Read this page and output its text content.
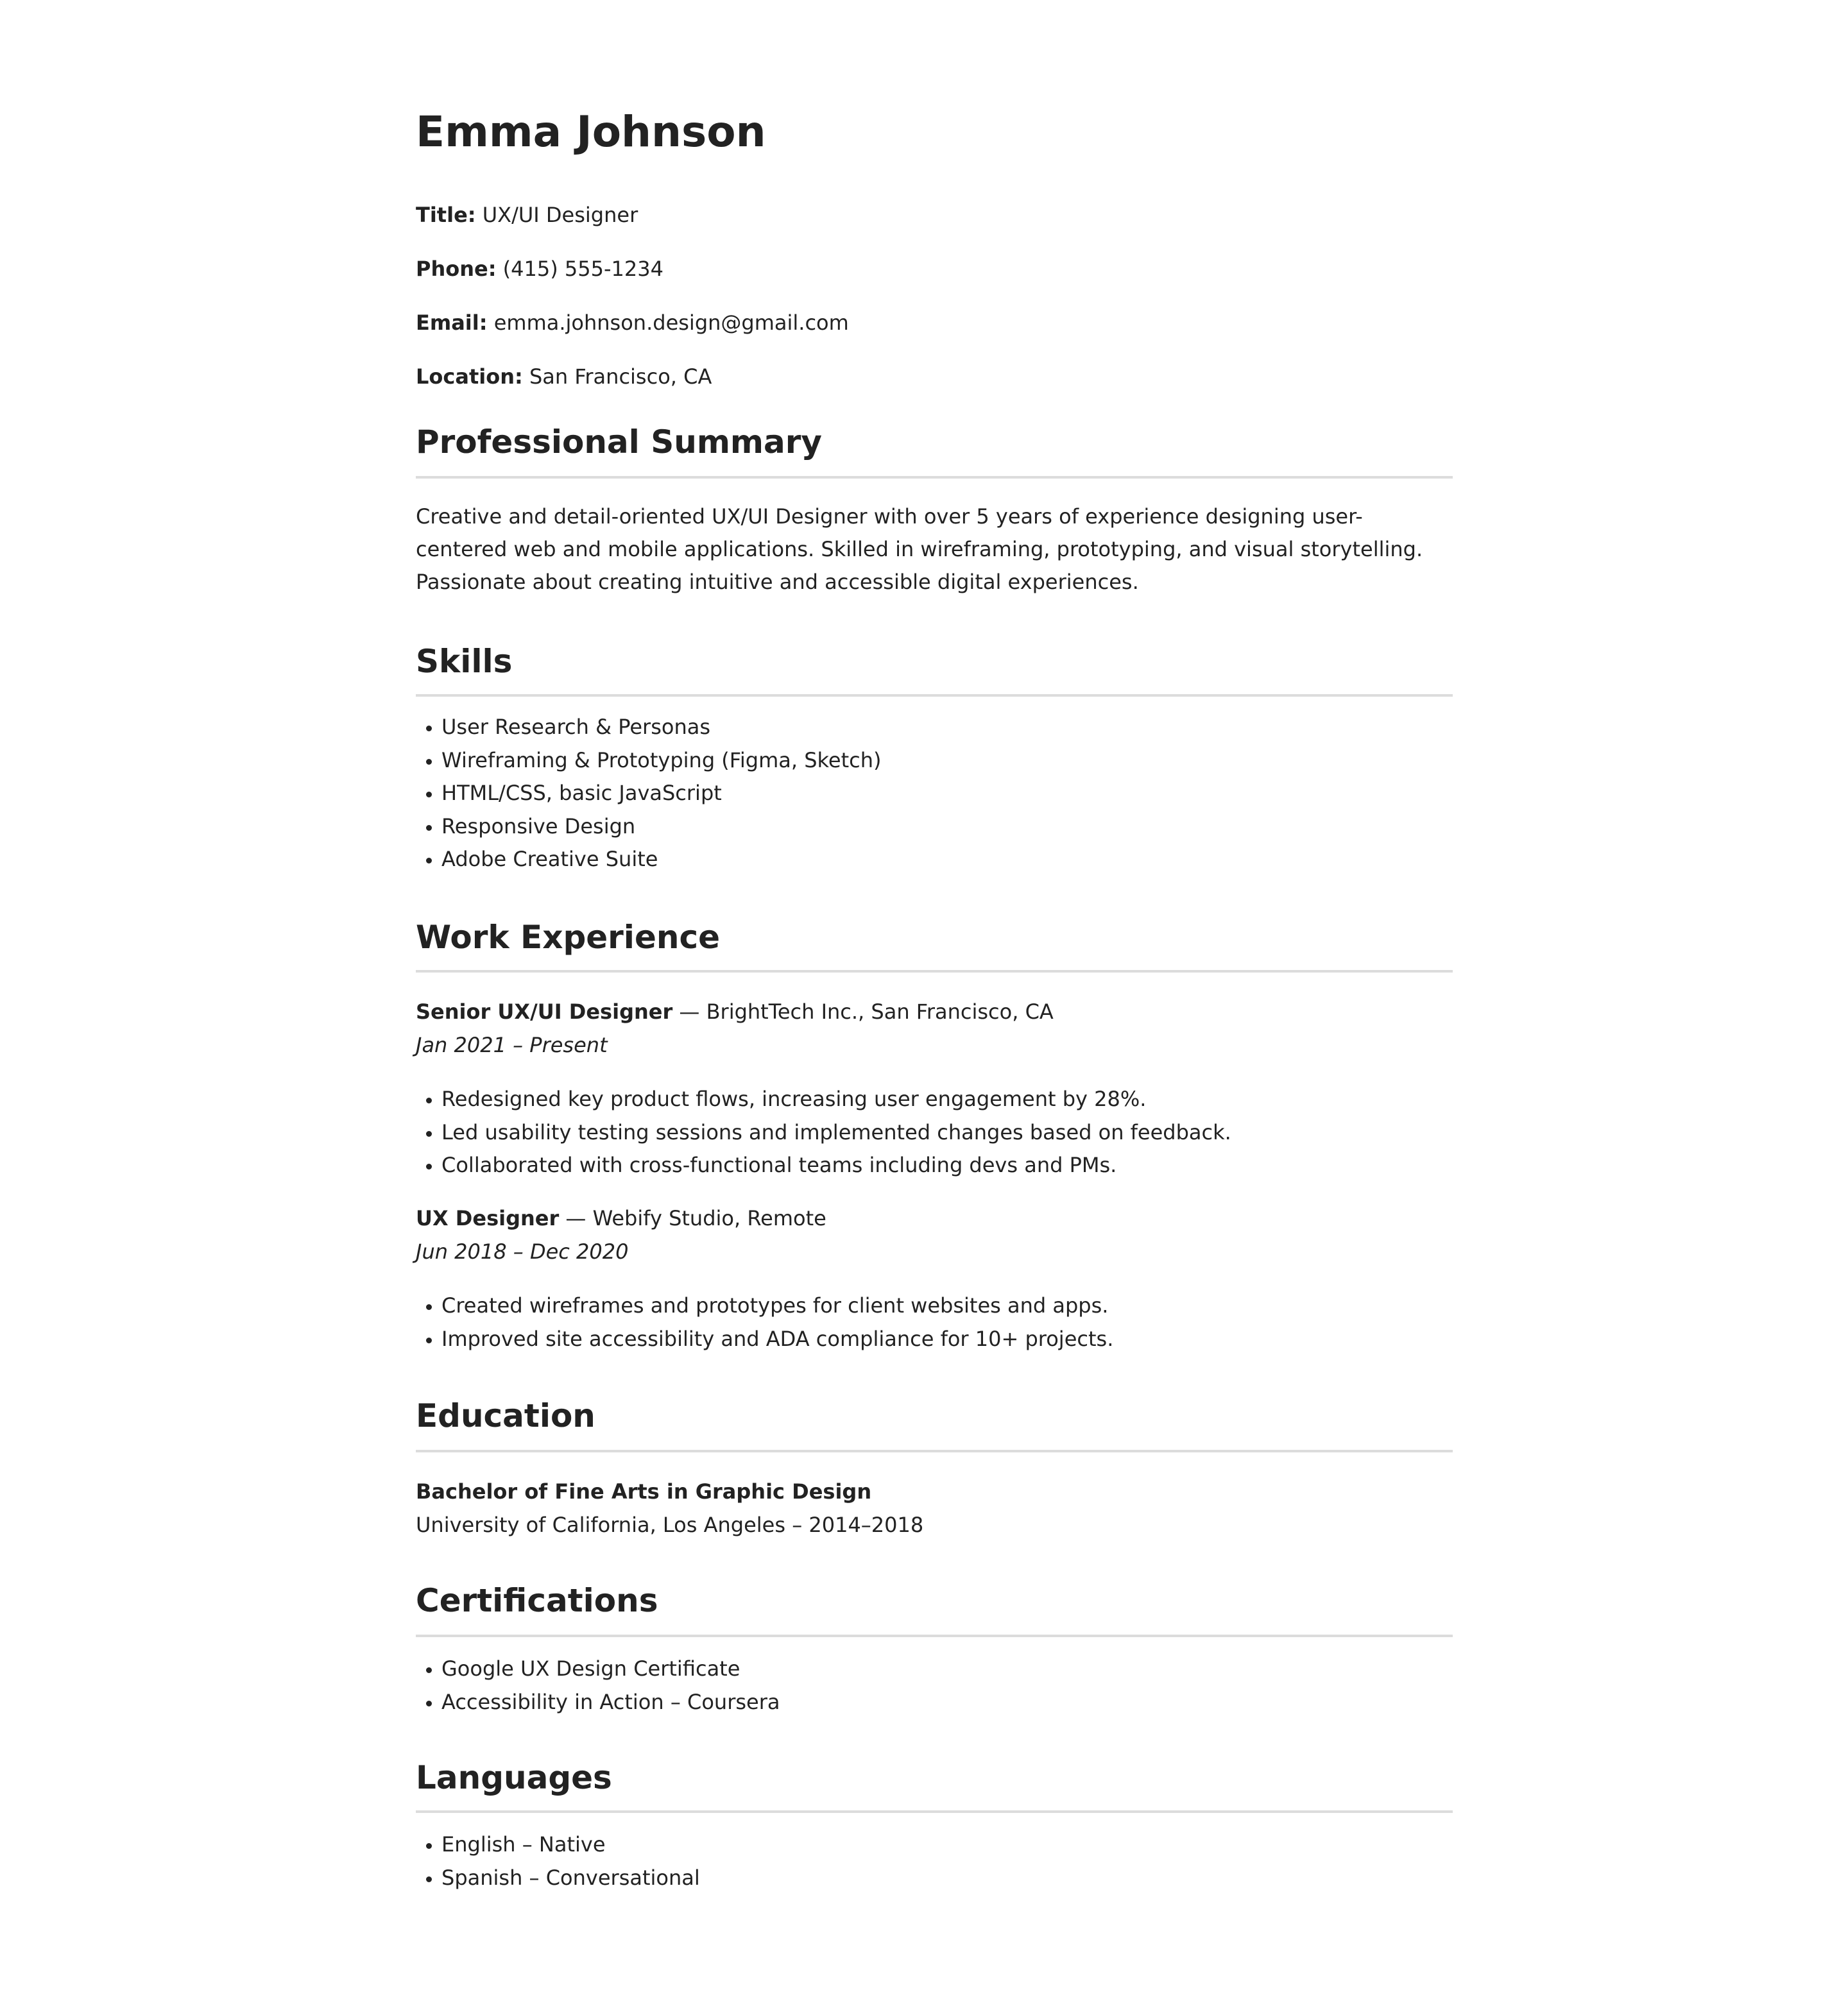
Emma Johnson
Title: UX/UI Designer
Phone: (415) 555-1234
Email: emma.johnson.design@gmail.com
Location: San Francisco, CA
Professional Summary

Creative and detail-oriented UX/UI Designer with over 5 years of experience designing user-centered web and mobile applications. Skilled in wireframing, prototyping, and visual storytelling. Passionate about creating intuitive and accessible digital experiences.

Skills
• User Research & Personas
• Wireframing & Prototyping (Figma, Sketch)
• HTML/CSS, basic JavaScript
• Responsive Design
• Adobe Creative Suite
Work Experience
Senior UX/UI Designer — BrightTech Inc., San Francisco, CA
Jan 2021 – Present
• Redesigned key product flows, increasing user engagement by 28%.
• Led usability testing sessions and implemented changes based on feedback.
• Collaborated with cross-functional teams including devs and PMs.
UX Designer — Webify Studio, Remote
Jun 2018 – Dec 2020
• Created wireframes and prototypes for client websites and apps.
• Improved site accessibility and ADA compliance for 10+ projects.
Education
Bachelor of Fine Arts in Graphic Design
University of California, Los Angeles – 2014–2018
Certifications
• Google UX Design Certificate
• Accessibility in Action – Coursera
Languages
• English – Native
• Spanish – Conversational
